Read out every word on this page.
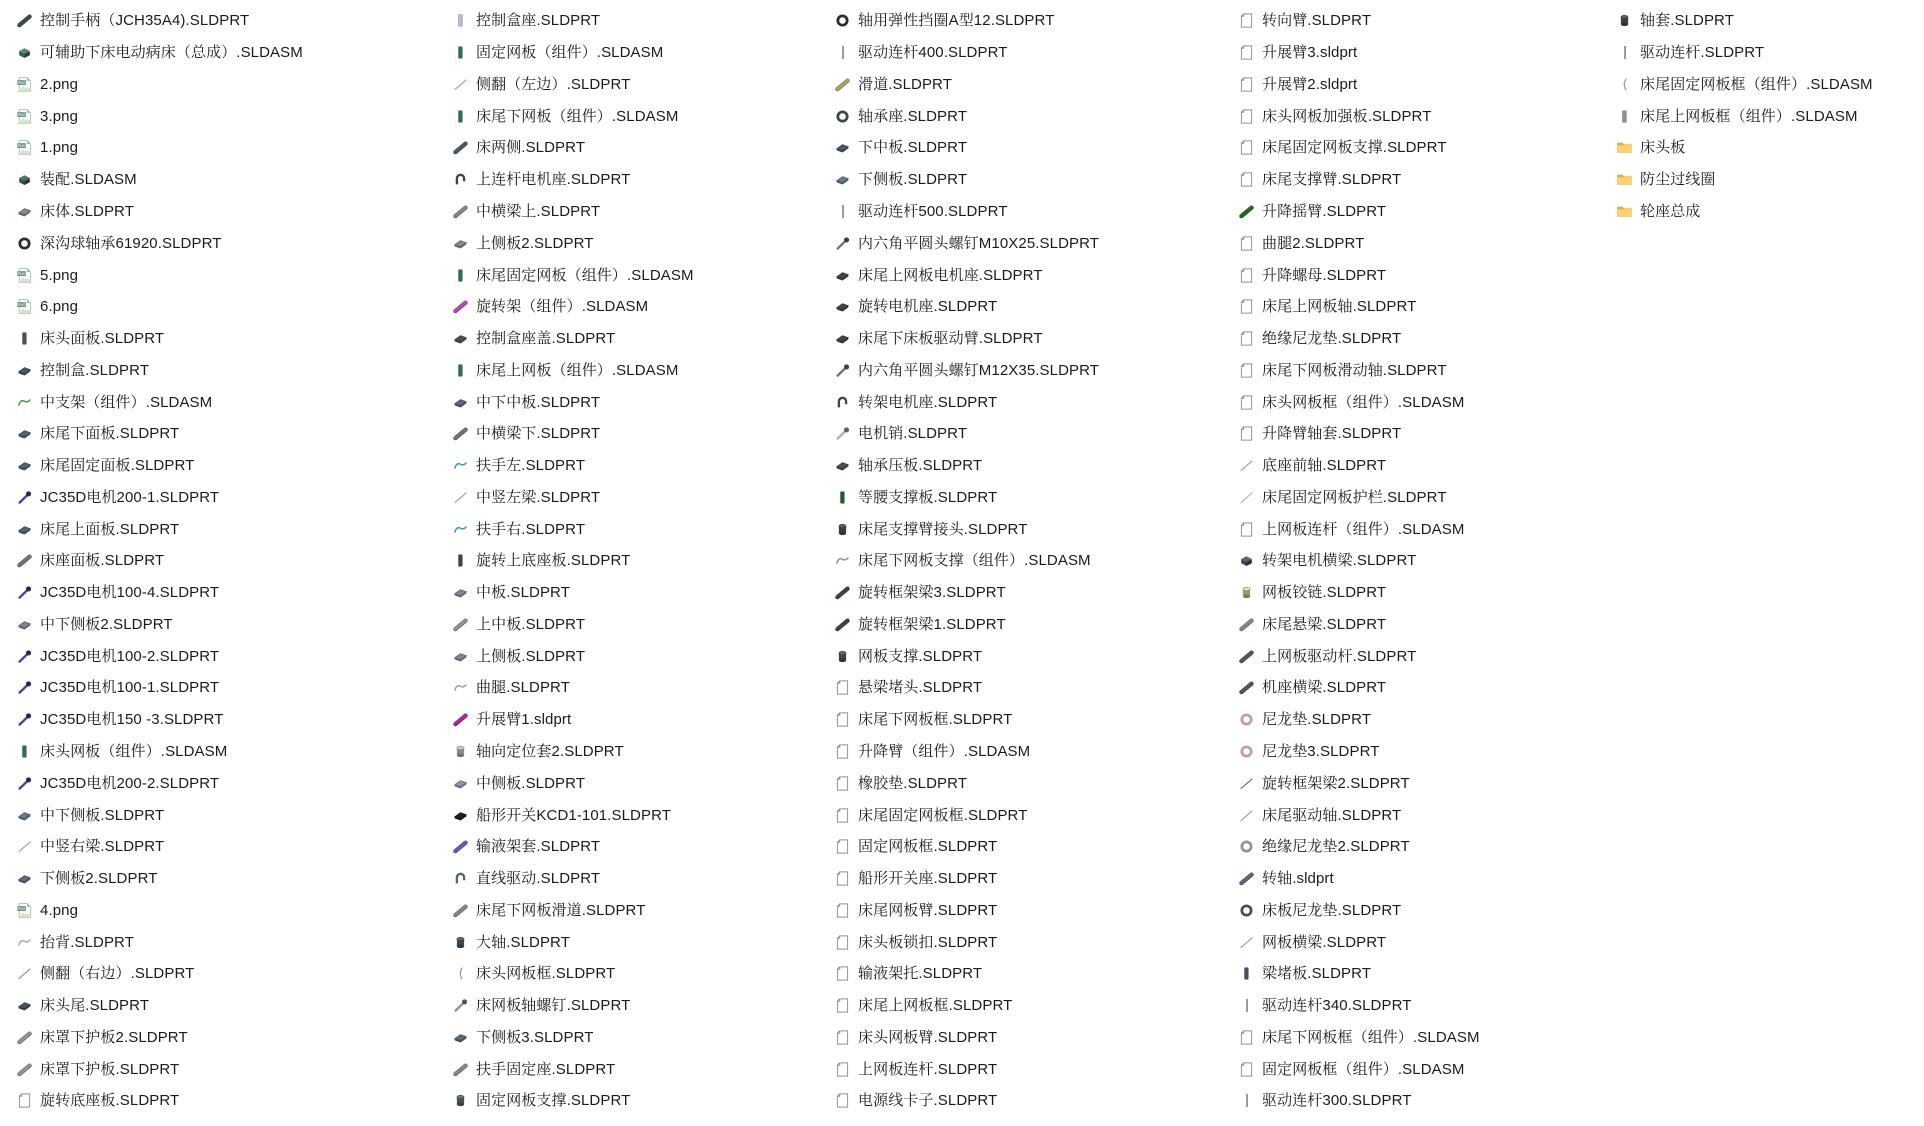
控制手柄（JCH35A4).SLDPRT
可辅助下床电动病床（总成）.SLDASM
PNG 2.png
PNG 3.png
PNG 1.png
装配.SLDASM
床体.SLDPRT
深沟球轴承61920.SLDPRT
PNG 5.png
PNG 6.png
床头面板.SLDPRT
控制盒.SLDPRT
中支架（组件）.SLDASM
床尾下面板.SLDPRT
床尾固定面板.SLDPRT
JC35D电机200-1.SLDPRT
床尾上面板.SLDPRT
床座面板.SLDPRT
JC35D电机100-4.SLDPRT
中下侧板2.SLDPRT
JC35D电机100-2.SLDPRT
JC35D电机100-1.SLDPRT
JC35D电机150 -3.SLDPRT
床头网板（组件）.SLDASM
JC35D电机200-2.SLDPRT
中下侧板.SLDPRT
中竖右梁.SLDPRT
下侧板2.SLDPRT
PNG 4.png
抬背.SLDPRT
侧翻（右边）.SLDPRT
床头尾.SLDPRT
床罩下护板2.SLDPRT
床罩下护板.SLDPRT
旋转底座板.SLDPRT
控制盒座.SLDPRT
固定网板（组件）.SLDASM
侧翻（左边）.SLDPRT
床尾下网板（组件）.SLDASM
床两侧.SLDPRT
上连杆电机座.SLDPRT
中横梁上.SLDPRT
上侧板2.SLDPRT
床尾固定网板（组件）.SLDASM
旋转架（组件）.SLDASM
控制盒座盖.SLDPRT
床尾上网板（组件）.SLDASM
中下中板.SLDPRT
中横梁下.SLDPRT
扶手左.SLDPRT
中竖左梁.SLDPRT
扶手右.SLDPRT
旋转上底座板.SLDPRT
中板.SLDPRT
上中板.SLDPRT
上侧板.SLDPRT
曲腿.SLDPRT
升展臂1.sldprt
轴向定位套2.SLDPRT
中侧板.SLDPRT
船形开关KCD1-101.SLDPRT
输液架套.SLDPRT
直线驱动.SLDPRT
床尾下网板滑道.SLDPRT
大轴.SLDPRT
床头网板框.SLDPRT
床网板轴螺钉.SLDPRT
下侧板3.SLDPRT
扶手固定座.SLDPRT
固定网板支撑.SLDPRT
轴用弹性挡圈A型12.SLDPRT
驱动连杆400.SLDPRT
滑道.SLDPRT
轴承座.SLDPRT
下中板.SLDPRT
下侧板.SLDPRT
驱动连杆500.SLDPRT
内六角平圆头螺钉M10X25.SLDPRT
床尾上网板电机座.SLDPRT
旋转电机座.SLDPRT
床尾下床板驱动臂.SLDPRT
内六角平圆头螺钉M12X35.SLDPRT
转架电机座.SLDPRT
电机销.SLDPRT
轴承压板.SLDPRT
等腰支撑板.SLDPRT
床尾支撑臂接头.SLDPRT
床尾下网板支撑（组件）.SLDASM
旋转框架梁3.SLDPRT
旋转框架梁1.SLDPRT
网板支撑.SLDPRT
悬梁堵头.SLDPRT
床尾下网板框.SLDPRT
升降臂（组件）.SLDASM
橡胶垫.SLDPRT
床尾固定网板框.SLDPRT
固定网板框.SLDPRT
船形开关座.SLDPRT
床尾网板臂.SLDPRT
床头板锁扣.SLDPRT
输液架托.SLDPRT
床尾上网板框.SLDPRT
床头网板臂.SLDPRT
上网板连杆.SLDPRT
电源线卡子.SLDPRT
转向臂.SLDPRT
升展臂3.sldprt
升展臂2.sldprt
床头网板加强板.SLDPRT
床尾固定网板支撑.SLDPRT
床尾支撑臂.SLDPRT
升降摇臂.SLDPRT
曲腿2.SLDPRT
升降螺母.SLDPRT
床尾上网板轴.SLDPRT
绝缘尼龙垫.SLDPRT
床尾下网板滑动轴.SLDPRT
床头网板框（组件）.SLDASM
升降臂轴套.SLDPRT
底座前轴.SLDPRT
床尾固定网板护栏.SLDPRT
上网板连杆（组件）.SLDASM
转架电机横梁.SLDPRT
网板铰链.SLDPRT
床尾悬梁.SLDPRT
上网板驱动杆.SLDPRT
机座横梁.SLDPRT
尼龙垫.SLDPRT
尼龙垫3.SLDPRT
旋转框架梁2.SLDPRT
床尾驱动轴.SLDPRT
绝缘尼龙垫2.SLDPRT
转轴.sldprt
床板尼龙垫.SLDPRT
网板横梁.SLDPRT
梁堵板.SLDPRT
驱动连杆340.SLDPRT
床尾下网板框（组件）.SLDASM
固定网板框（组件）.SLDASM
驱动连杆300.SLDPRT
轴套.SLDPRT
驱动连杆.SLDPRT
床尾固定网板框（组件）.SLDASM
床尾上网板框（组件）.SLDASM
床头板
防尘过线圈
轮座总成
